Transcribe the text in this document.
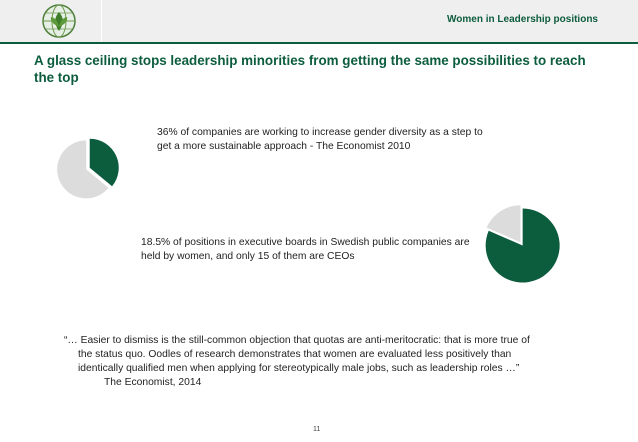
Women in Leadership positions
A glass ceiling stops leadership minorities from getting the same possibilities to reach the top
36% of companies are working to increase gender diversity as a step to get a more sustainable approach - The Economist 2010
18.5% of positions in executive boards in Swedish public companies are held by women, and only 15 of them are CEOs
“… Easier to dismiss is the still-common objection that quotas are anti-meritocratic: that is more true of
the status quo. Oodles of research demonstrates that women are evaluated less positively than
identically qualified men when applying for stereotypically male jobs, such as leadership roles …”
The Economist, 2014
11
